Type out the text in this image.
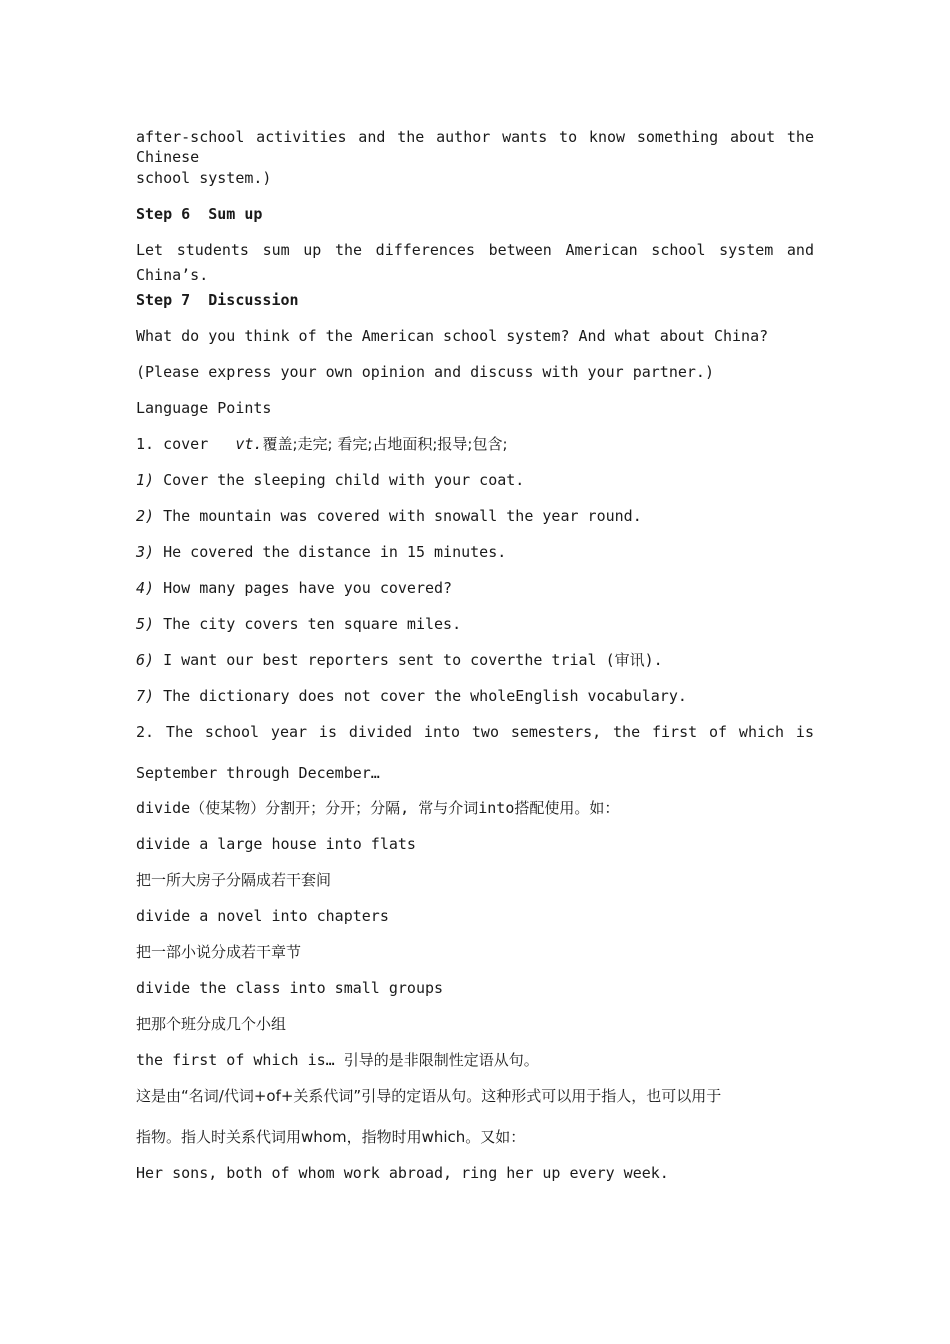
after-school activities and the author wants to know something about the Chinese
school system.)
Step 6  Sum up
Let students sum up the differences between American school system and
China’s.
Step 7  Discussion
What do you think of the American school system? And what about China?
(Please express your own opinion and discuss with your partner.)
Language Points
1. cover vt.覆盖;走完; 看完;占地面积;报导;包含;
1) Cover the sleeping child with your coat.
2) The mountain was covered with snowall the year round.
3) He covered the distance in 15 minutes.
4) How many pages have you covered?
5) The city covers ten square miles.
6) I want our best reporters sent to coverthe trial (审讯).
7) The dictionary does not cover the wholeEnglish vocabulary.
2. The school year is divided into two semesters, the first of which is
September through December…
divide（使某物）分割开；分开；分隔, 常与介词into搭配使用。如：
divide a large house into flats
把一所大房子分隔成若干套间
divide a novel into chapters
把一部小说分成若干章节
divide the class into small groups
把那个班分成几个小组
the first of which is… 引导的是非限制性定语从句。
这是由“名词/代词+of+关系代词”引导的定语从句。这种形式可以用于指人，也可以用于
指物。指人时关系代词用whom，指物时用which。又如：
Her sons, both of whom work abroad, ring her up every week.
